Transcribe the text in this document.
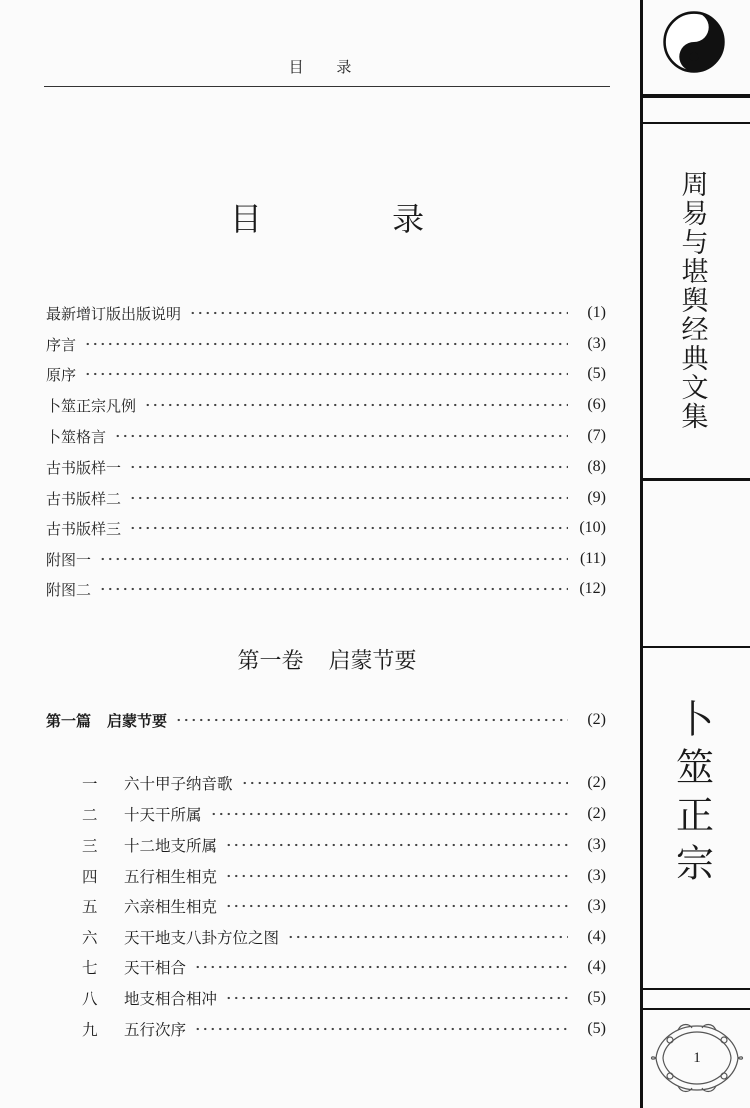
目 录
目 录
最新增订版出版说明	(1)
序言	(3)
原序	(5)
卜筮正宗凡例	(6)
卜筮格言	(7)
古书版样一	(8)
古书版样二	(9)
古书版样三	(10)
附图一	(11)
附图二	(12)
第一卷 启蒙节要
第一篇	启蒙节要	(2)
一	六十甲子纳音歌	(2)
二	十天干所属	(2)
三	十二地支所属	(3)
四	五行相生相克	(3)
五	六亲相生相克	(3)
六	天干地支八卦方位之图	(4)
七	天干相合	(4)
八	地支相合相冲	(5)
九	五行次序	(5)
周易与堪舆经典文集
卜筮正宗
1
